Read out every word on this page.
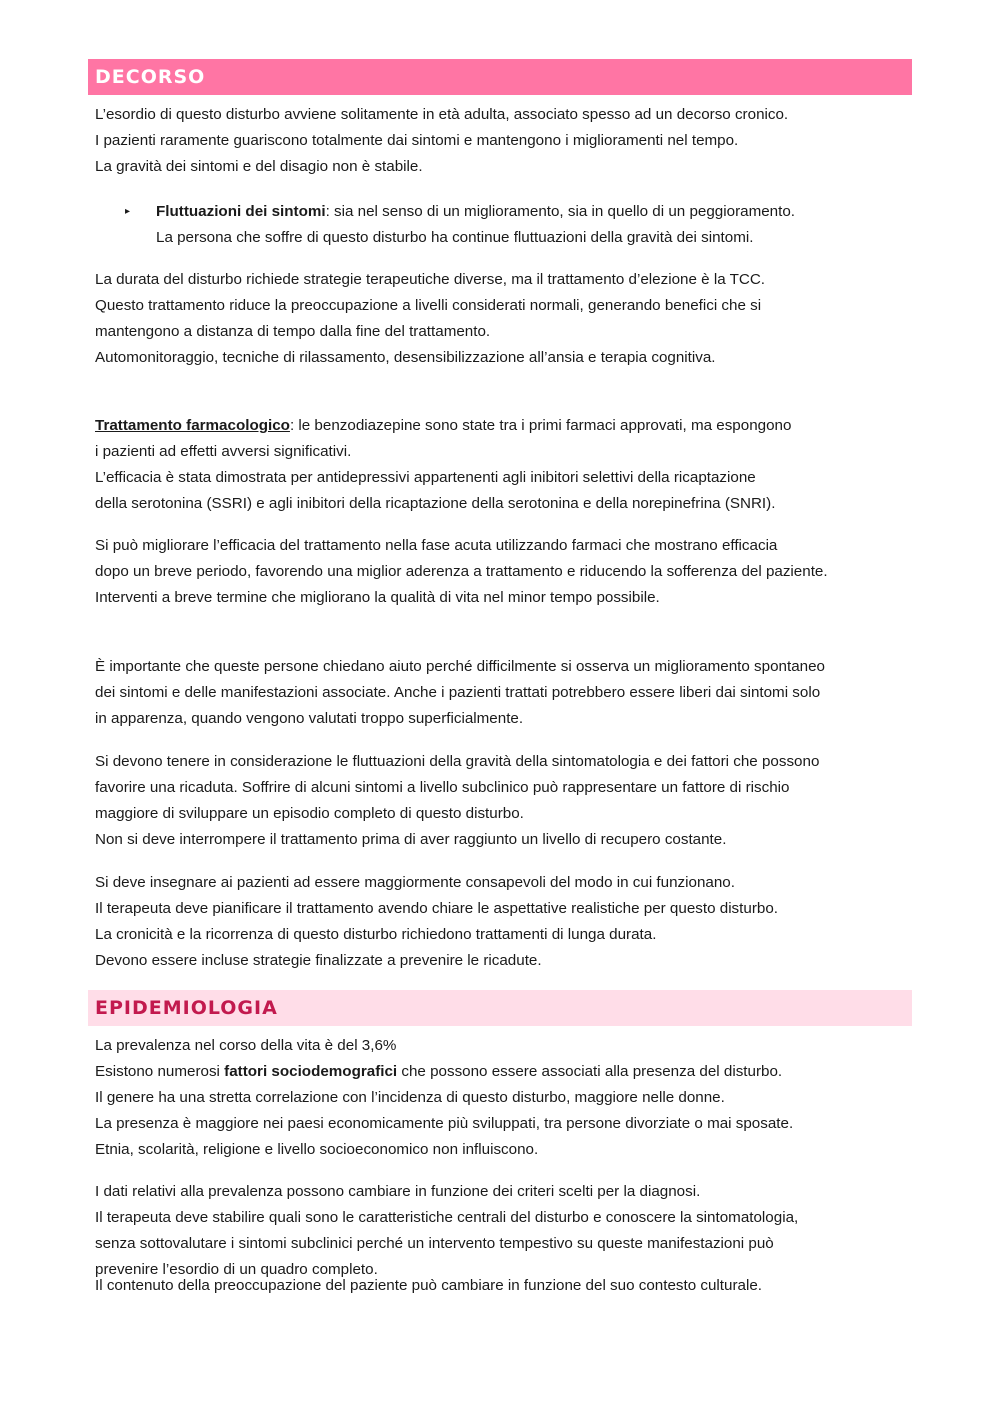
DECORSO

L’esordio di questo disturbo avviene solitamente in età adulta, associato spesso ad un decorso cronico.
I pazienti raramente guariscono totalmente dai sintomi e mantengono i miglioramenti nel tempo.
La gravità dei sintomi e del disagio non è stabile.

▸ Fluttuazioni dei sintomi: sia nel senso di un miglioramento, sia in quello di un peggioramento.
La persona che soffre di questo disturbo ha continue fluttuazioni della gravità dei sintomi.

La durata del disturbo richiede strategie terapeutiche diverse, ma il trattamento d’elezione è la TCC.
Questo trattamento riduce la preoccupazione a livelli considerati normali, generando benefici che si
mantengono a distanza di tempo dalla fine del trattamento.
Automonitoraggio, tecniche di rilassamento, desensibilizzazione all’ansia e terapia cognitiva.

Trattamento farmacologico: le benzodiazepine sono state tra i primi farmaci approvati, ma espongono
i pazienti ad effetti avversi significativi.
L’efficacia è stata dimostrata per antidepressivi appartenenti agli inibitori selettivi della ricaptazione
della serotonina (SSRI) e agli inibitori della ricaptazione della serotonina e della norepinefrina (SNRI).

Si può migliorare l’efficacia del trattamento nella fase acuta utilizzando farmaci che mostrano efficacia
dopo un breve periodo, favorendo una miglior aderenza a trattamento e riducendo la sofferenza del paziente.
Interventi a breve termine che migliorano la qualità di vita nel minor tempo possibile.

È importante che queste persone chiedano aiuto perché difficilmente si osserva un miglioramento spontaneo
dei sintomi e delle manifestazioni associate. Anche i pazienti trattati potrebbero essere liberi dai sintomi solo
in apparenza, quando vengono valutati troppo superficialmente.

Si devono tenere in considerazione le fluttuazioni della gravità della sintomatologia e dei fattori che possono
favorire una ricaduta. Soffrire di alcuni sintomi a livello subclinico può rappresentare un fattore di rischio
maggiore di sviluppare un episodio completo di questo disturbo.
Non si deve interrompere il trattamento prima di aver raggiunto un livello di recupero costante.

Si deve insegnare ai pazienti ad essere maggiormente consapevoli del modo in cui funzionano.
Il terapeuta deve pianificare il trattamento avendo chiare le aspettative realistiche per questo disturbo.
La cronicità e la ricorrenza di questo disturbo richiedono trattamenti di lunga durata.
Devono essere incluse strategie finalizzate a prevenire le ricadute.

EPIDEMIOLOGIA

La prevalenza nel corso della vita è del 3,6%
Esistono numerosi fattori sociodemografici che possono essere associati alla presenza del disturbo.
Il genere ha una stretta correlazione con l’incidenza di questo disturbo, maggiore nelle donne.
La presenza è maggiore nei paesi economicamente più sviluppati, tra persone divorziate o mai sposate.
Etnia, scolarità, religione e livello socioeconomico non influiscono.

I dati relativi alla prevalenza possono cambiare in funzione dei criteri scelti per la diagnosi.
Il terapeuta deve stabilire quali sono le caratteristiche centrali del disturbo e conoscere la sintomatologia,
senza sottovalutare i sintomi subclinici perché un intervento tempestivo su queste manifestazioni può
prevenire l’esordio di un quadro completo.

Il contenuto della preoccupazione del paziente può cambiare in funzione del suo contesto culturale.
